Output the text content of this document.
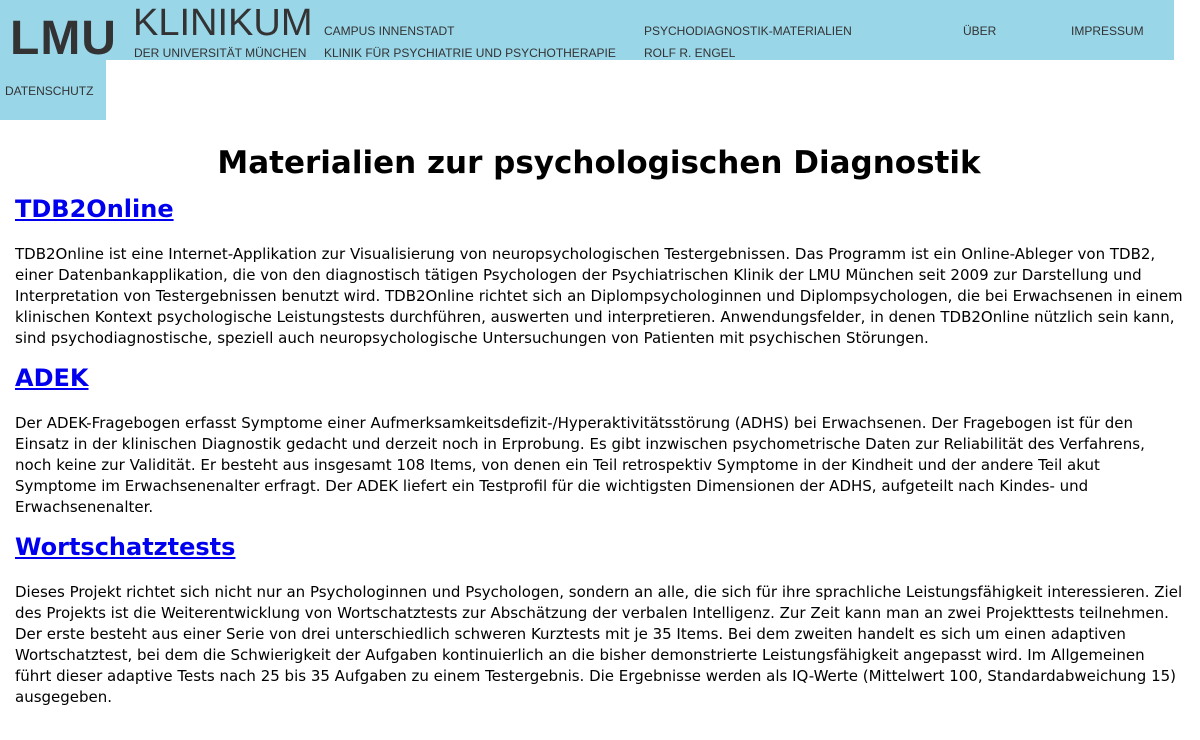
LMU KLINIKUM
DER UNIVERSITÄT MÜNCHEN
CAMPUS INNENSTADT
KLINIK FÜR PSYCHIATRIE UND PSYCHOTHERAPIE
PSYCHODIAGNOSTIK-MATERIALIEN
ROLF R. ENGEL
ÜBER	IMPRESSUM
DATENSCHUTZ
Materialien zur psychologischen Diagnostik
TDB2Online

TDB2Online ist eine Internet-Applikation zur Visualisierung von neuropsychologischen Testergebnissen. Das Programm ist ein Online-Ableger von TDB2, einer Datenbankapplikation, die von den diagnostisch tätigen Psychologen der Psychiatrischen Klinik der LMU München seit 2009 zur Darstellung und Interpretation von Testergebnissen benutzt wird. TDB2Online richtet sich an Diplompsychologinnen und Diplompsychologen, die bei Erwachsenen in einem klinischen Kontext psychologische Leistungstests durchführen, auswerten und interpretieren. Anwendungsfelder, in denen TDB2Online nützlich sein kann, sind psychodiagnostische, speziell auch neuropsychologische Untersuchungen von Patienten mit psychischen Störungen.

ADEK

Der ADEK-Fragebogen erfasst Symptome einer Aufmerksamkeitsdefizit-/Hyperaktivitätsstörung (ADHS) bei Erwachsenen. Der Fragebogen ist für den Einsatz in der klinischen Diagnostik gedacht und derzeit noch in Erprobung. Es gibt inzwischen psychometrische Daten zur Reliabilität des Verfahrens, noch keine zur Validität. Er besteht aus insgesamt 108 Items, von denen ein Teil retrospektiv Symptome in der Kindheit und der andere Teil akut Symptome im Erwachsenenalter erfragt. Der ADEK liefert ein Testprofil für die wichtigsten Dimensionen der ADHS, aufgeteilt nach Kindes- und Erwachsenenalter.

Wortschatztests

Dieses Projekt richtet sich nicht nur an Psychologinnen und Psychologen, sondern an alle, die sich für ihre sprachliche Leistungsfähigkeit interessieren. Ziel des Projekts ist die Weiterentwicklung von Wortschatztests zur Abschätzung der verbalen Intelligenz. Zur Zeit kann man an zwei Projekttests teilnehmen. Der erste besteht aus einer Serie von drei unterschiedlich schweren Kurztests mit je 35 Items. Bei dem zweiten handelt es sich um einen adaptiven Wortschatztest, bei dem die Schwierigkeit der Aufgaben kontinuierlich an die bisher demonstrierte Leistungsfähigkeit angepasst wird. Im Allgemeinen führt dieser adaptive Tests nach 25 bis 35 Aufgaben zu einem Testergebnis. Die Ergebnisse werden als IQ-Werte (Mittelwert 100, Standardabweichung 15) ausgegeben.
